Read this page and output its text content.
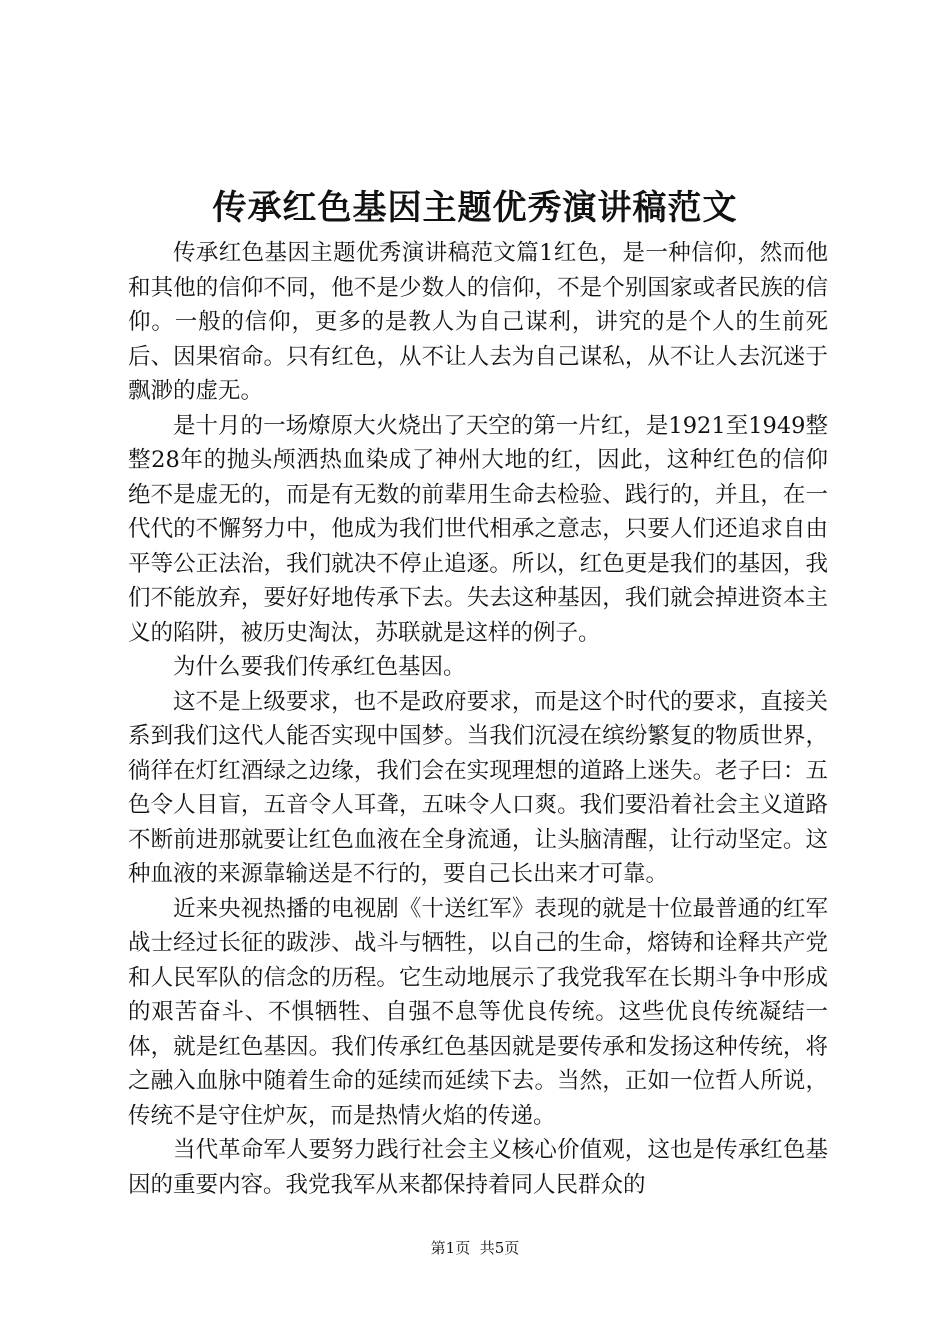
传承红色基因主题优秀演讲稿范文

传承红色基因主题优秀演讲稿范文篇1红色，是一种信仰，然而他和其他的信仰不同，他不是少数人的信仰，不是个别国家或者民族的信仰。一般的信仰，更多的是教人为自己谋利，讲究的是个人的生前死后、因果宿命。只有红色，从不让人去为自己谋私，从不让人去沉迷于飘渺的虚无。

是十月的一场燎原大火烧出了天空的第一片红，是1921至1949整整28年的抛头颅洒热血染成了神州大地的红，因此，这种红色的信仰绝不是虚无的，而是有无数的前辈用生命去检验、践行的，并且，在一代代的不懈努力中，他成为我们世代相承之意志，只要人们还追求自由平等公正法治，我们就决不停止追逐。所以，红色更是我们的基因，我们不能放弃，要好好地传承下去。失去这种基因，我们就会掉进资本主义的陷阱，被历史淘汰，苏联就是这样的例子。

为什么要我们传承红色基因。

这不是上级要求，也不是政府要求，而是这个时代的要求，直接关系到我们这代人能否实现中国梦。当我们沉浸在缤纷繁复的物质世界，徜徉在灯红酒绿之边缘，我们会在实现理想的道路上迷失。老子曰：五色令人目盲，五音令人耳聋，五味令人口爽。我们要沿着社会主义道路不断前进那就要让红色血液在全身流通，让头脑清醒，让行动坚定。这种血液的来源靠输送是不行的，要自己长出来才可靠。

近来央视热播的电视剧《十送红军》表现的就是十位最普通的红军战士经过长征的跋涉、战斗与牺牲，以自己的生命，熔铸和诠释共产党和人民军队的信念的历程。它生动地展示了我党我军在长期斗争中形成的艰苦奋斗、不惧牺牲、自强不息等优良传统。这些优良传统凝结一体，就是红色基因。我们传承红色基因就是要传承和发扬这种传统，将之融入血脉中随着生命的延续而延续下去。当然，正如一位哲人所说，传统不是守住炉灰，而是热情火焰的传递。

当代革命军人要努力践行社会主义核心价值观，这也是传承红色基因的重要内容。我党我军从来都保持着同人民群众的

第1页 共5页
